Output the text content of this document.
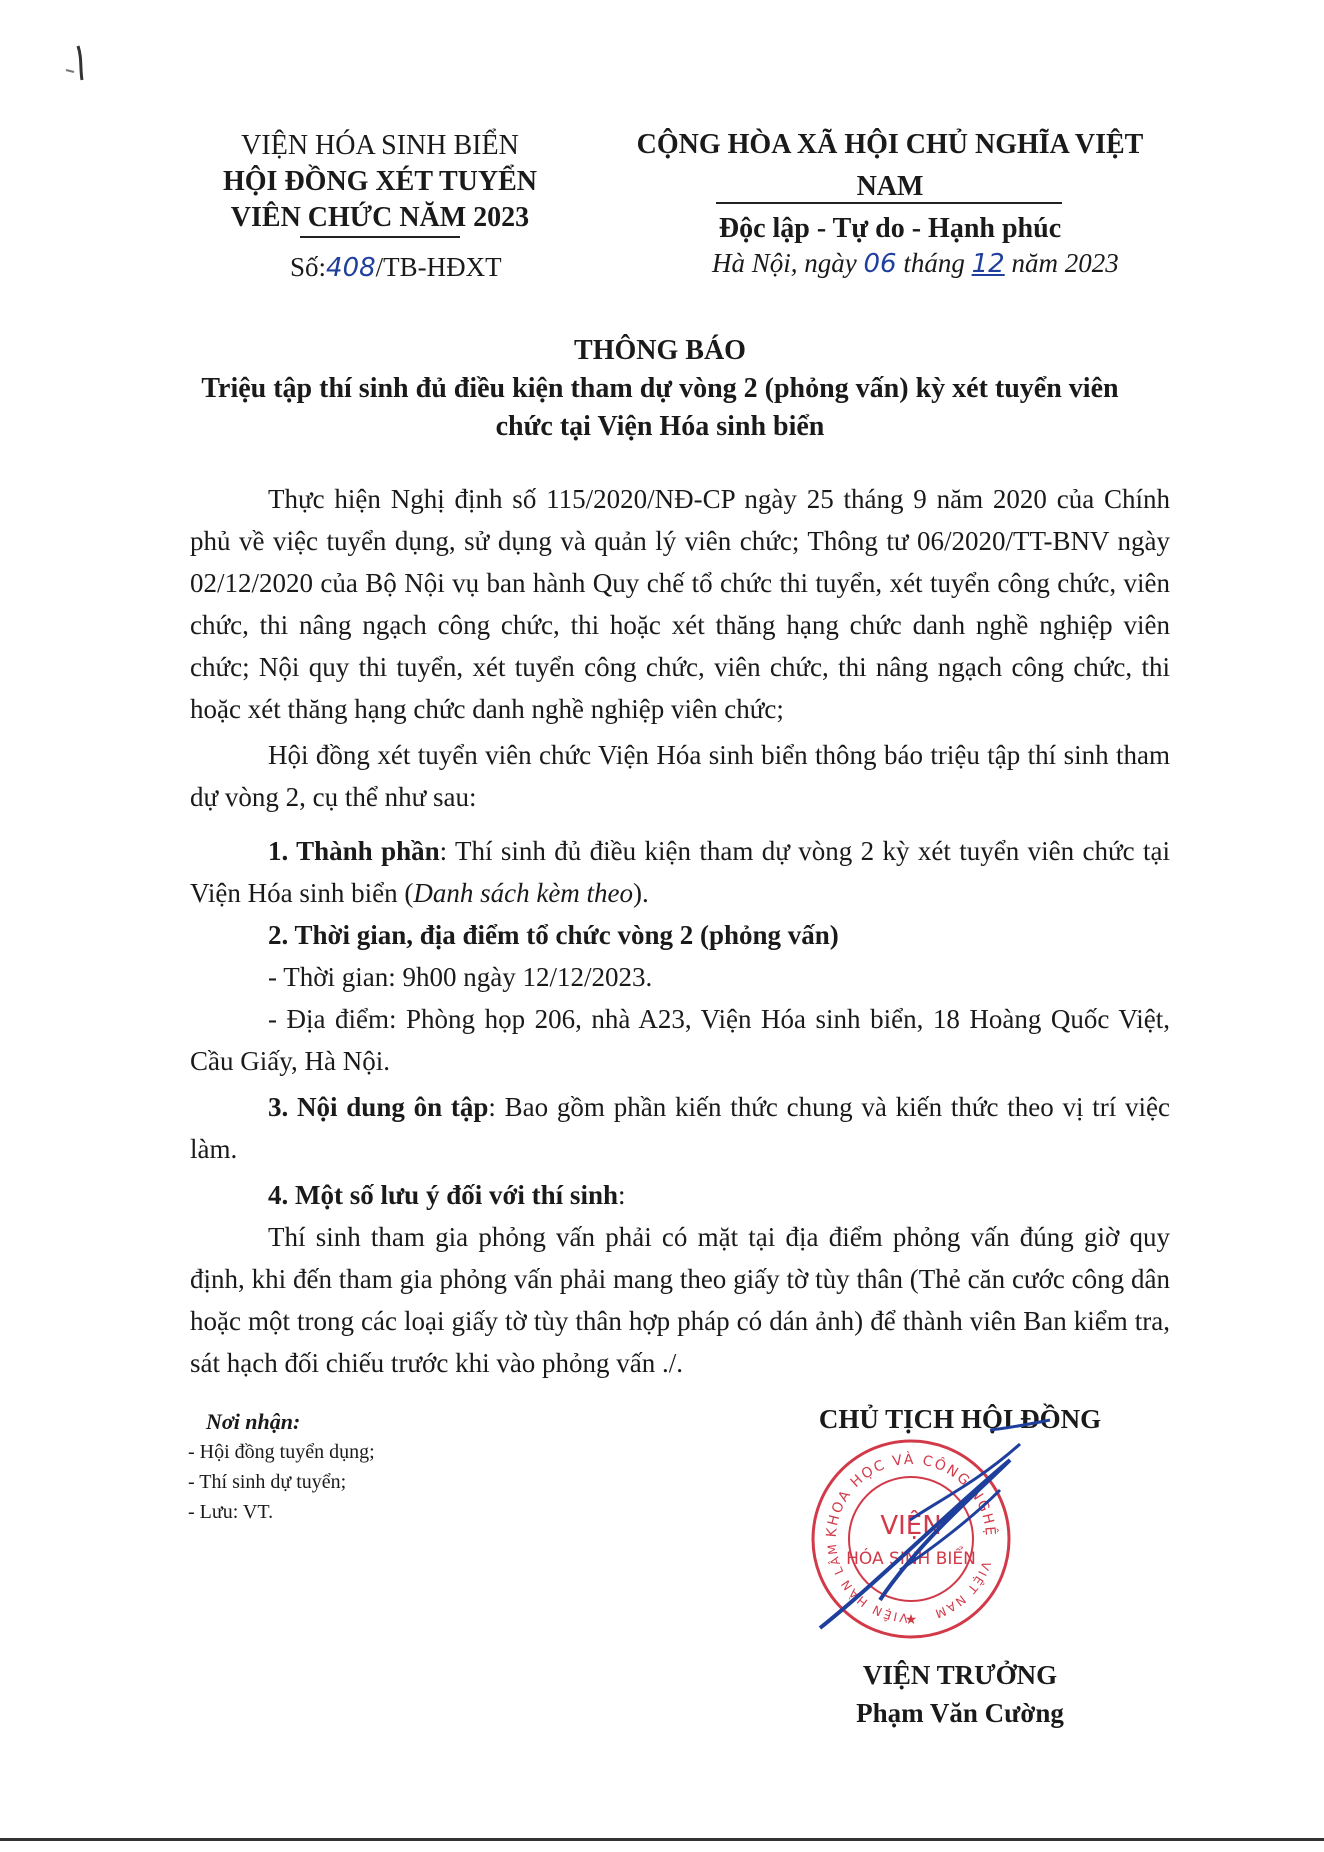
VIỆN HÓA SINH BIỂN
HỘI ĐỒNG XÉT TUYỂN
VIÊN CHỨC NĂM 2023
Số:408/TB-HĐXT
CỘNG HÒA XÃ HỘI CHỦ NGHĨA VIỆT NAM
Độc lập - Tự do - Hạnh phúc
Hà Nội, ngày 06 tháng 12 năm 2023
THÔNG BÁO
Triệu tập thí sinh đủ điều kiện tham dự vòng 2 (phỏng vấn) kỳ xét tuyển viên
chức tại Viện Hóa sinh biển

Thực hiện Nghị định số 115/2020/NĐ-CP ngày 25 tháng 9 năm 2020 của Chính phủ về việc tuyển dụng, sử dụng và quản lý viên chức; Thông tư 06/2020/TT-BNV ngày 02/12/2020 của Bộ Nội vụ ban hành Quy chế tổ chức thi tuyển, xét tuyển công chức, viên chức, thi nâng ngạch công chức, thi hoặc xét thăng hạng chức danh nghề nghiệp viên chức; Nội quy thi tuyển, xét tuyển công chức, viên chức, thi nâng ngạch công chức, thi hoặc xét thăng hạng chức danh nghề nghiệp viên chức;

Hội đồng xét tuyển viên chức Viện Hóa sinh biển thông báo triệu tập thí sinh tham dự vòng 2, cụ thể như sau:

1. Thành phần: Thí sinh đủ điều kiện tham dự vòng 2 kỳ xét tuyển viên chức tại Viện Hóa sinh biển (Danh sách kèm theo).

2. Thời gian, địa điểm tổ chức vòng 2 (phỏng vấn)

- Thời gian: 9h00 ngày 12/12/2023.

- Địa điểm: Phòng họp 206, nhà A23, Viện Hóa sinh biển, 18 Hoàng Quốc Việt, Cầu Giấy, Hà Nội.

3. Nội dung ôn tập: Bao gồm phần kiến thức chung và kiến thức theo vị trí việc làm.

4. Một số lưu ý đối với thí sinh:

Thí sinh tham gia phỏng vấn phải có mặt tại địa điểm phỏng vấn đúng giờ quy định, khi đến tham gia phỏng vấn phải mang theo giấy tờ tùy thân (Thẻ căn cước công dân hoặc một trong các loại giấy tờ tùy thân hợp pháp có dán ảnh) để thành viên Ban kiểm tra, sát hạch đối chiếu trước khi vào phỏng vấn ./.

Nơi nhận:
- Hội đồng tuyển dụng;
- Thí sinh dự tuyển;
- Lưu: VT.
CHỦ TỊCH HỘI ĐỒNG
KHOA HỌC VÀ CÔNG NGHỆ
VIỆN HÀN LÂM
VIỆT NAM
VIỆN
HÓA SINH BIỂN
★
VIỆN TRƯỞNG
Phạm Văn Cường
